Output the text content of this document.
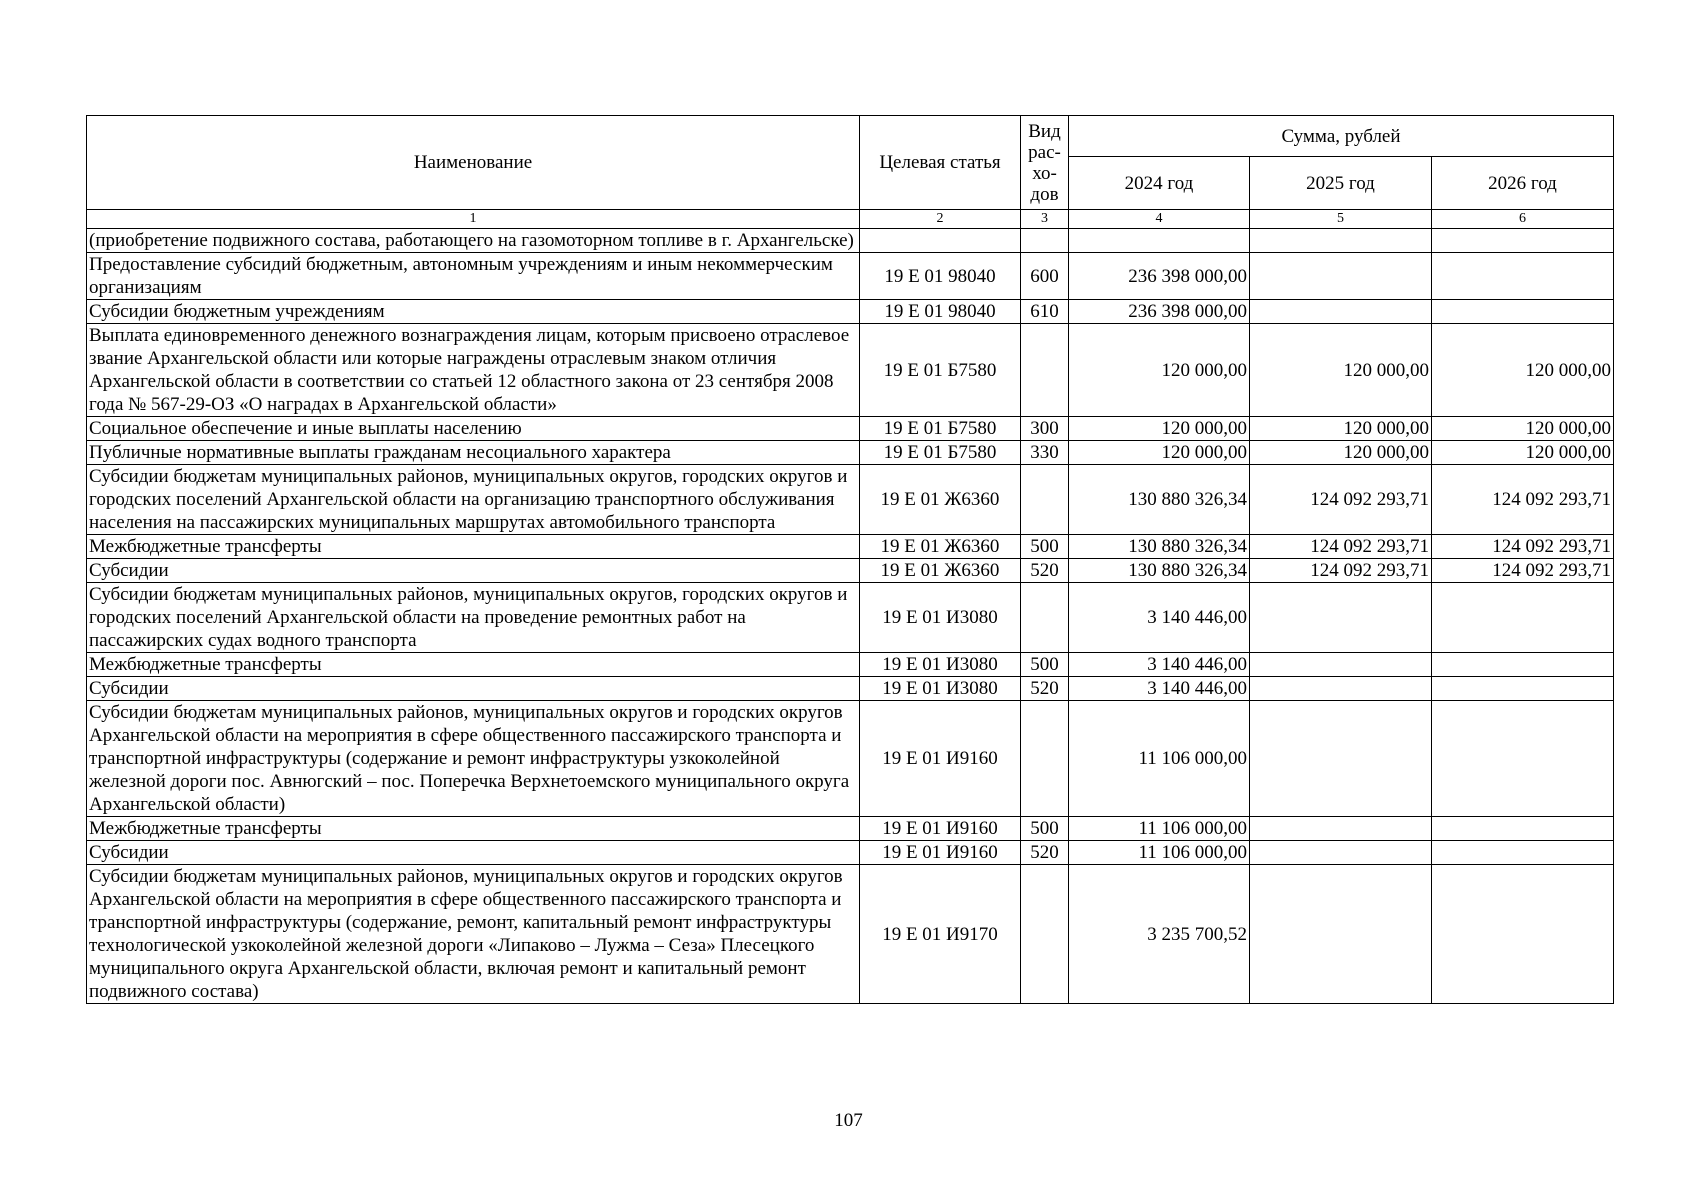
Наименование	Целевая статья	Вид рас-хо-дов	Сумма, рублей		
			2024 год	2025 год	2026 год
1	2	3	4	5	6
(приобретение подвижного состава, работающего на газомоторном топливе в г. Архангельске)					
Предоставление субсидий бюджетным, автономным учреждениям и иным некоммерческим организациям	19 Е 01 98040	600	236 398 000,00		
Субсидии бюджетным учреждениям	19 Е 01 98040	610	236 398 000,00		
Выплата единовременного денежного вознаграждения лицам, которым присвоено отраслевое звание Архангельской области или которые награждены отраслевым знаком отличия Архангельской области в соответствии со статьей 12 областного закона от 23 сентября 2008 года № 567-29-ОЗ «О наградах в Архангельской области»	19 Е 01 Б7580		120 000,00	120 000,00	120 000,00
Социальное обеспечение и иные выплаты населению	19 Е 01 Б7580	300	120 000,00	120 000,00	120 000,00
Публичные нормативные выплаты гражданам несоциального характера	19 Е 01 Б7580	330	120 000,00	120 000,00	120 000,00
Субсидии бюджетам муниципальных районов, муниципальных округов, городских округов и городских поселений Архангельской области на организацию транспортного обслуживания населения на пассажирских муниципальных маршрутах автомобильного транспорта	19 Е 01 Ж6360		130 880 326,34	124 092 293,71	124 092 293,71
Межбюджетные трансферты	19 Е 01 Ж6360	500	130 880 326,34	124 092 293,71	124 092 293,71
Субсидии	19 Е 01 Ж6360	520	130 880 326,34	124 092 293,71	124 092 293,71
Субсидии бюджетам муниципальных районов, муниципальных округов, городских округов и городских поселений Архангельской области на проведение ремонтных работ на пассажирских судах водного транспорта	19 Е 01 И3080		3 140 446,00		
Межбюджетные трансферты	19 Е 01 И3080	500	3 140 446,00		
Субсидии	19 Е 01 И3080	520	3 140 446,00		
Субсидии бюджетам муниципальных районов, муниципальных округов и городских округов Архангельской области на мероприятия в сфере общественного пассажирского транспорта и транспортной инфраструктуры (содержание и ремонт инфраструктуры узкоколейной железной дороги пос. Авнюгский – пос. Поперечка Верхнетоемского муниципального округа Архангельской области)	19 Е 01 И9160		11 106 000,00		
Межбюджетные трансферты	19 Е 01 И9160	500	11 106 000,00		
Субсидии	19 Е 01 И9160	520	11 106 000,00		
Субсидии бюджетам муниципальных районов, муниципальных округов и городских округов Архангельской области на мероприятия в сфере общественного пассажирского транспорта и транспортной инфраструктуры (содержание, ремонт, капитальный ремонт инфраструктуры технологической узкоколейной железной дороги «Липаково – Лужма – Сеза» Плесецкого муниципального округа Архангельской области, включая ремонт и капитальный ремонт подвижного состава)	19 Е 01 И9170		3 235 700,52		
107
